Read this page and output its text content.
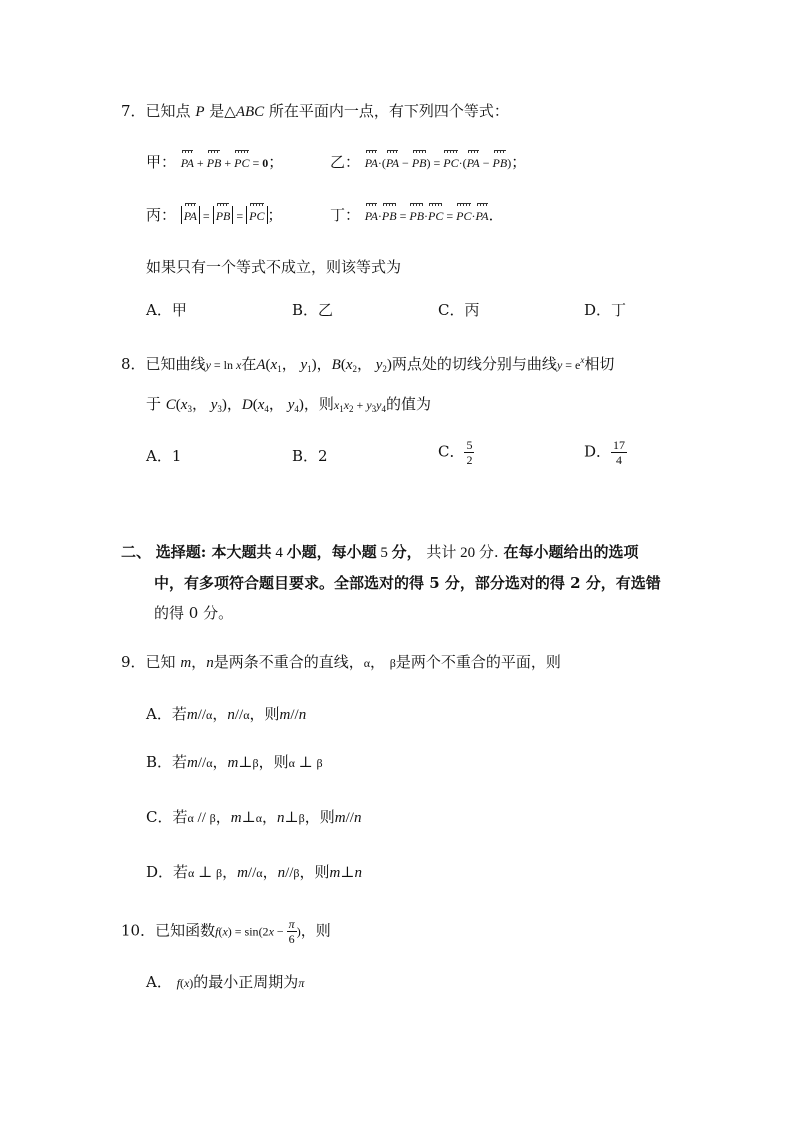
7．已知点 P 是△ABC 所在平面内一点，有下列四个等式：
甲： PA + PB + PC = 0；	乙： PA·(PA − PB) = PC·(PA − PB)；
丙： PA = PB = PC ；	丁： PA·PB = PB·PC = PC·PA．
如果只有一个等式不成立，则该等式为
A．甲	B．乙	C．丙	D．丁
8．已知曲线y = ln x在$A(x_1$， $y_1$)，$B(x_2$， $y_2$)两点处的切线分别与曲线$y = e^x$相切
于 $C(x_3$， $y_3$)，$D(x_4$， $y_4$)，则$x_1x_2 + y_3y_4$的值为
A．1	B．2	C． $\frac{5}{2}$	D． $\frac{17}{4}$
二、 选择题: 本大题共 4 小题，每小题 5 分， 共计 20 分. 在每小题给出的选项
中，有多项符合题目要求。全部选对的得 5 分，部分选对的得 2 分，有选错
的得 0 分。
9．已知 m，n是两条不重合的直线，α， β是两个不重合的平面，则
A．若m//α，n//α，则m//n
B．若m//α，m⊥β，则α ⊥ β
C．若α // β，m⊥α，n⊥β，则m//n
D．若α ⊥ β，m//α，n//β，则m⊥n
10．已知函数$f(x) = \sin(2x - \frac{\pi}{6}$ )，则
A． f(x)的最小正周期为π
